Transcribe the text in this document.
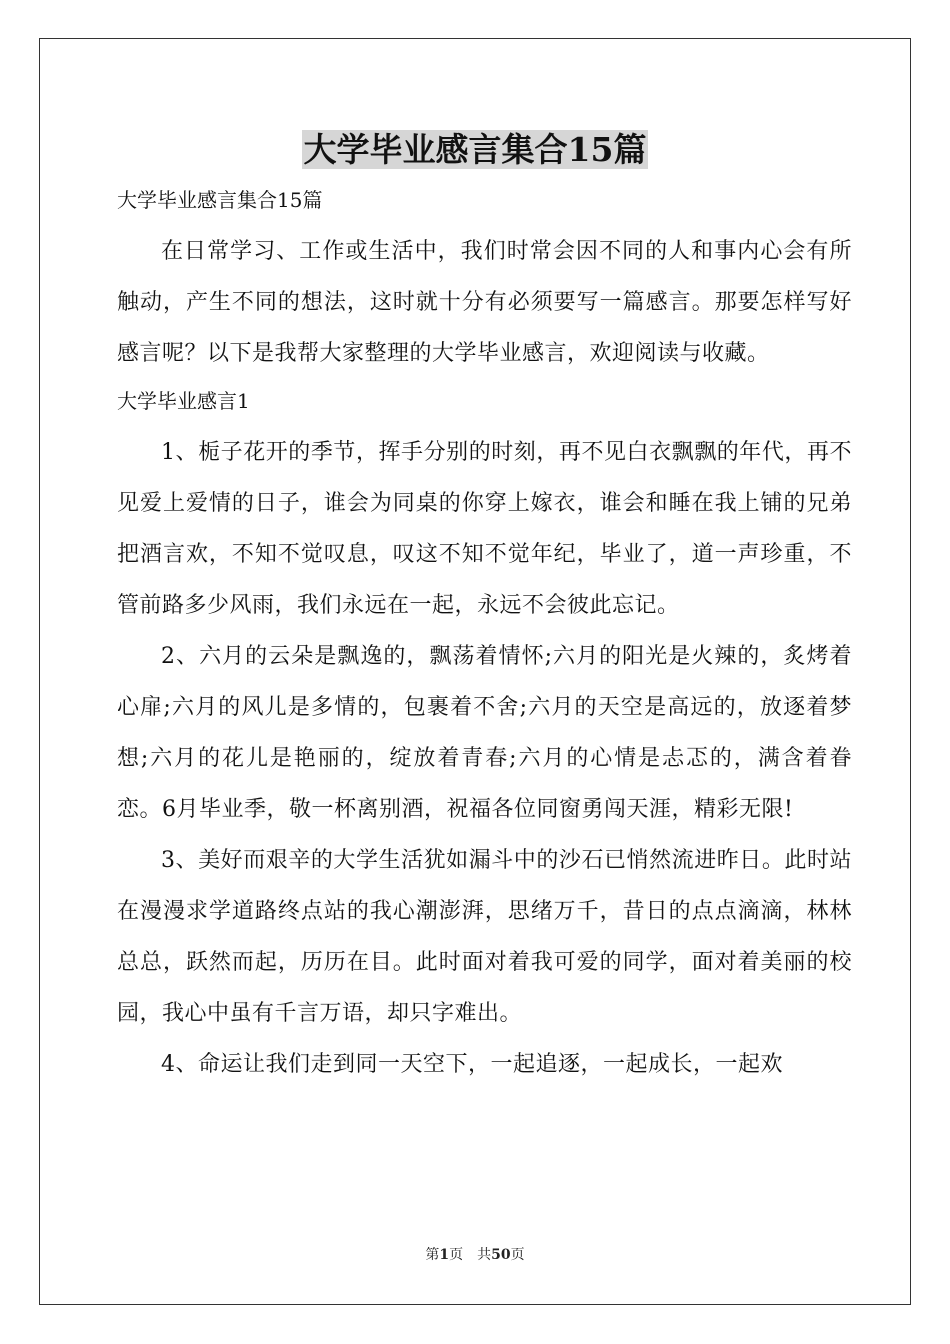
大学毕业感言集合15篇

大学毕业感言集合15篇

在日常学习、工作或生活中，我们时常会因不同的人和事内心会有所触动，产生不同的想法，这时就十分有必须要写一篇感言。那要怎样写好感言呢？以下是我帮大家整理的大学毕业感言，欢迎阅读与收藏。

大学毕业感言1

1、栀子花开的季节，挥手分别的时刻，再不见白衣飘飘的年代，再不见爱上爱情的日子，谁会为同桌的你穿上嫁衣，谁会和睡在我上铺的兄弟把酒言欢，不知不觉叹息，叹这不知不觉年纪，毕业了，道一声珍重，不管前路多少风雨，我们永远在一起，永远不会彼此忘记。

2、六月的云朵是飘逸的，飘荡着情怀;六月的阳光是火辣的，炙烤着心扉;六月的风儿是多情的，包裹着不舍;六月的天空是高远的，放逐着梦想;六月的花儿是艳丽的，绽放着青春;六月的心情是忐忑的，满含着眷恋。6月毕业季，敬一杯离别酒，祝福各位同窗勇闯天涯，精彩无限!

3、美好而艰辛的大学生活犹如漏斗中的沙石已悄然流进昨日。此时站在漫漫求学道路终点站的我心潮澎湃，思绪万千，昔日的点点滴滴，林林总总，跃然而起，历历在目。此时面对着我可爱的同学，面对着美丽的校园，我心中虽有千言万语，却只字难出。

4、命运让我们走到同一天空下，一起追逐，一起成长，一起欢

第1页　共50页
